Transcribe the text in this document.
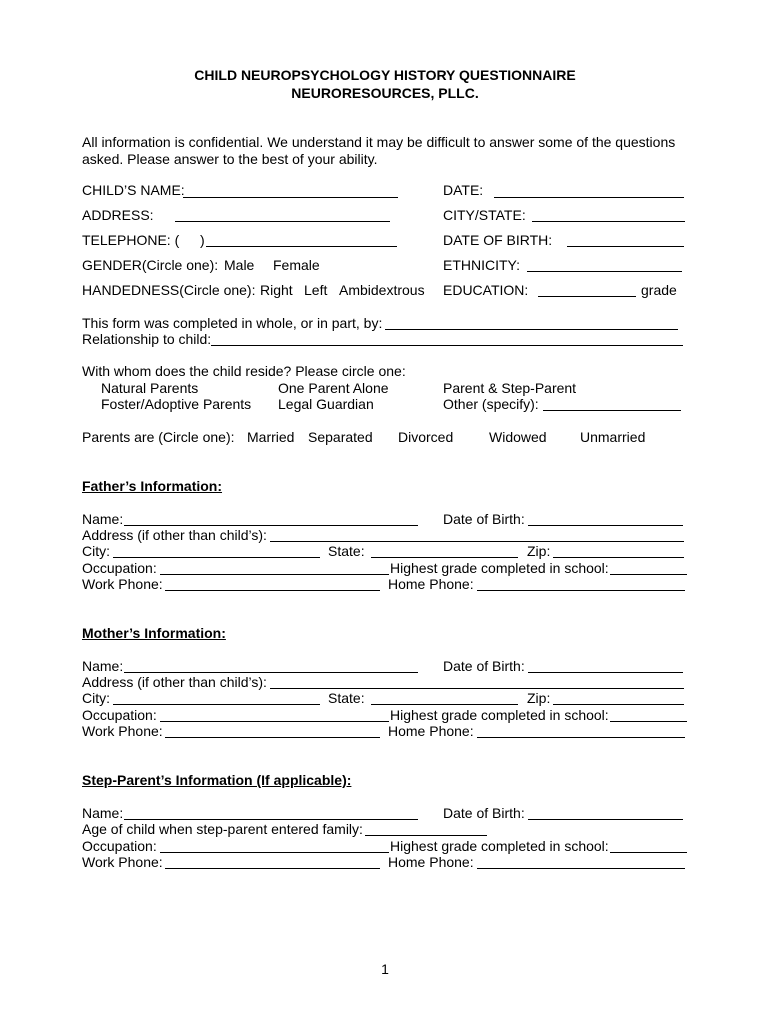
CHILD NEUROPSYCHOLOGY HISTORY QUESTIONNAIRE
NEURORESOURCES, PLLC.
All information is confidential. We understand it may be difficult to answer some of the questions
asked. Please answer to the best of your ability.
CHILD’S NAME:	DATE:
ADDRESS:	CITY/STATE:
TELEPHONE: ( )	DATE OF BIRTH:
GENDER(Circle one): Male Female	ETHNICITY:
HANDEDNESS(Circle one): Right Left Ambidextrous EDUCATION:	grade
This form was completed in whole, or in part, by:
Relationship to child:
With whom does the child reside? Please circle one:
Natural Parents	One Parent Alone	Parent & Step-Parent
Foster/Adoptive Parents Legal Guardian	Other (specify):
Parents are (Circle one): Married Separated Divorced	Widowed Unmarried
Father’s Information:
Name:	Date of Birth:
Address (if other than child’s):
City:	State:	Zip:
Occupation:	Highest grade completed in school:
Work Phone:	Home Phone:
Mother’s Information:
Name:	Date of Birth:
Address (if other than child’s):
City:	State:	Zip:
Occupation:	Highest grade completed in school:
Work Phone:	Home Phone:
Step-Parent’s Information (If applicable):
Name:	Date of Birth:
Age of child when step-parent entered family:
Occupation:	Highest grade completed in school:
Work Phone:	Home Phone:
1
